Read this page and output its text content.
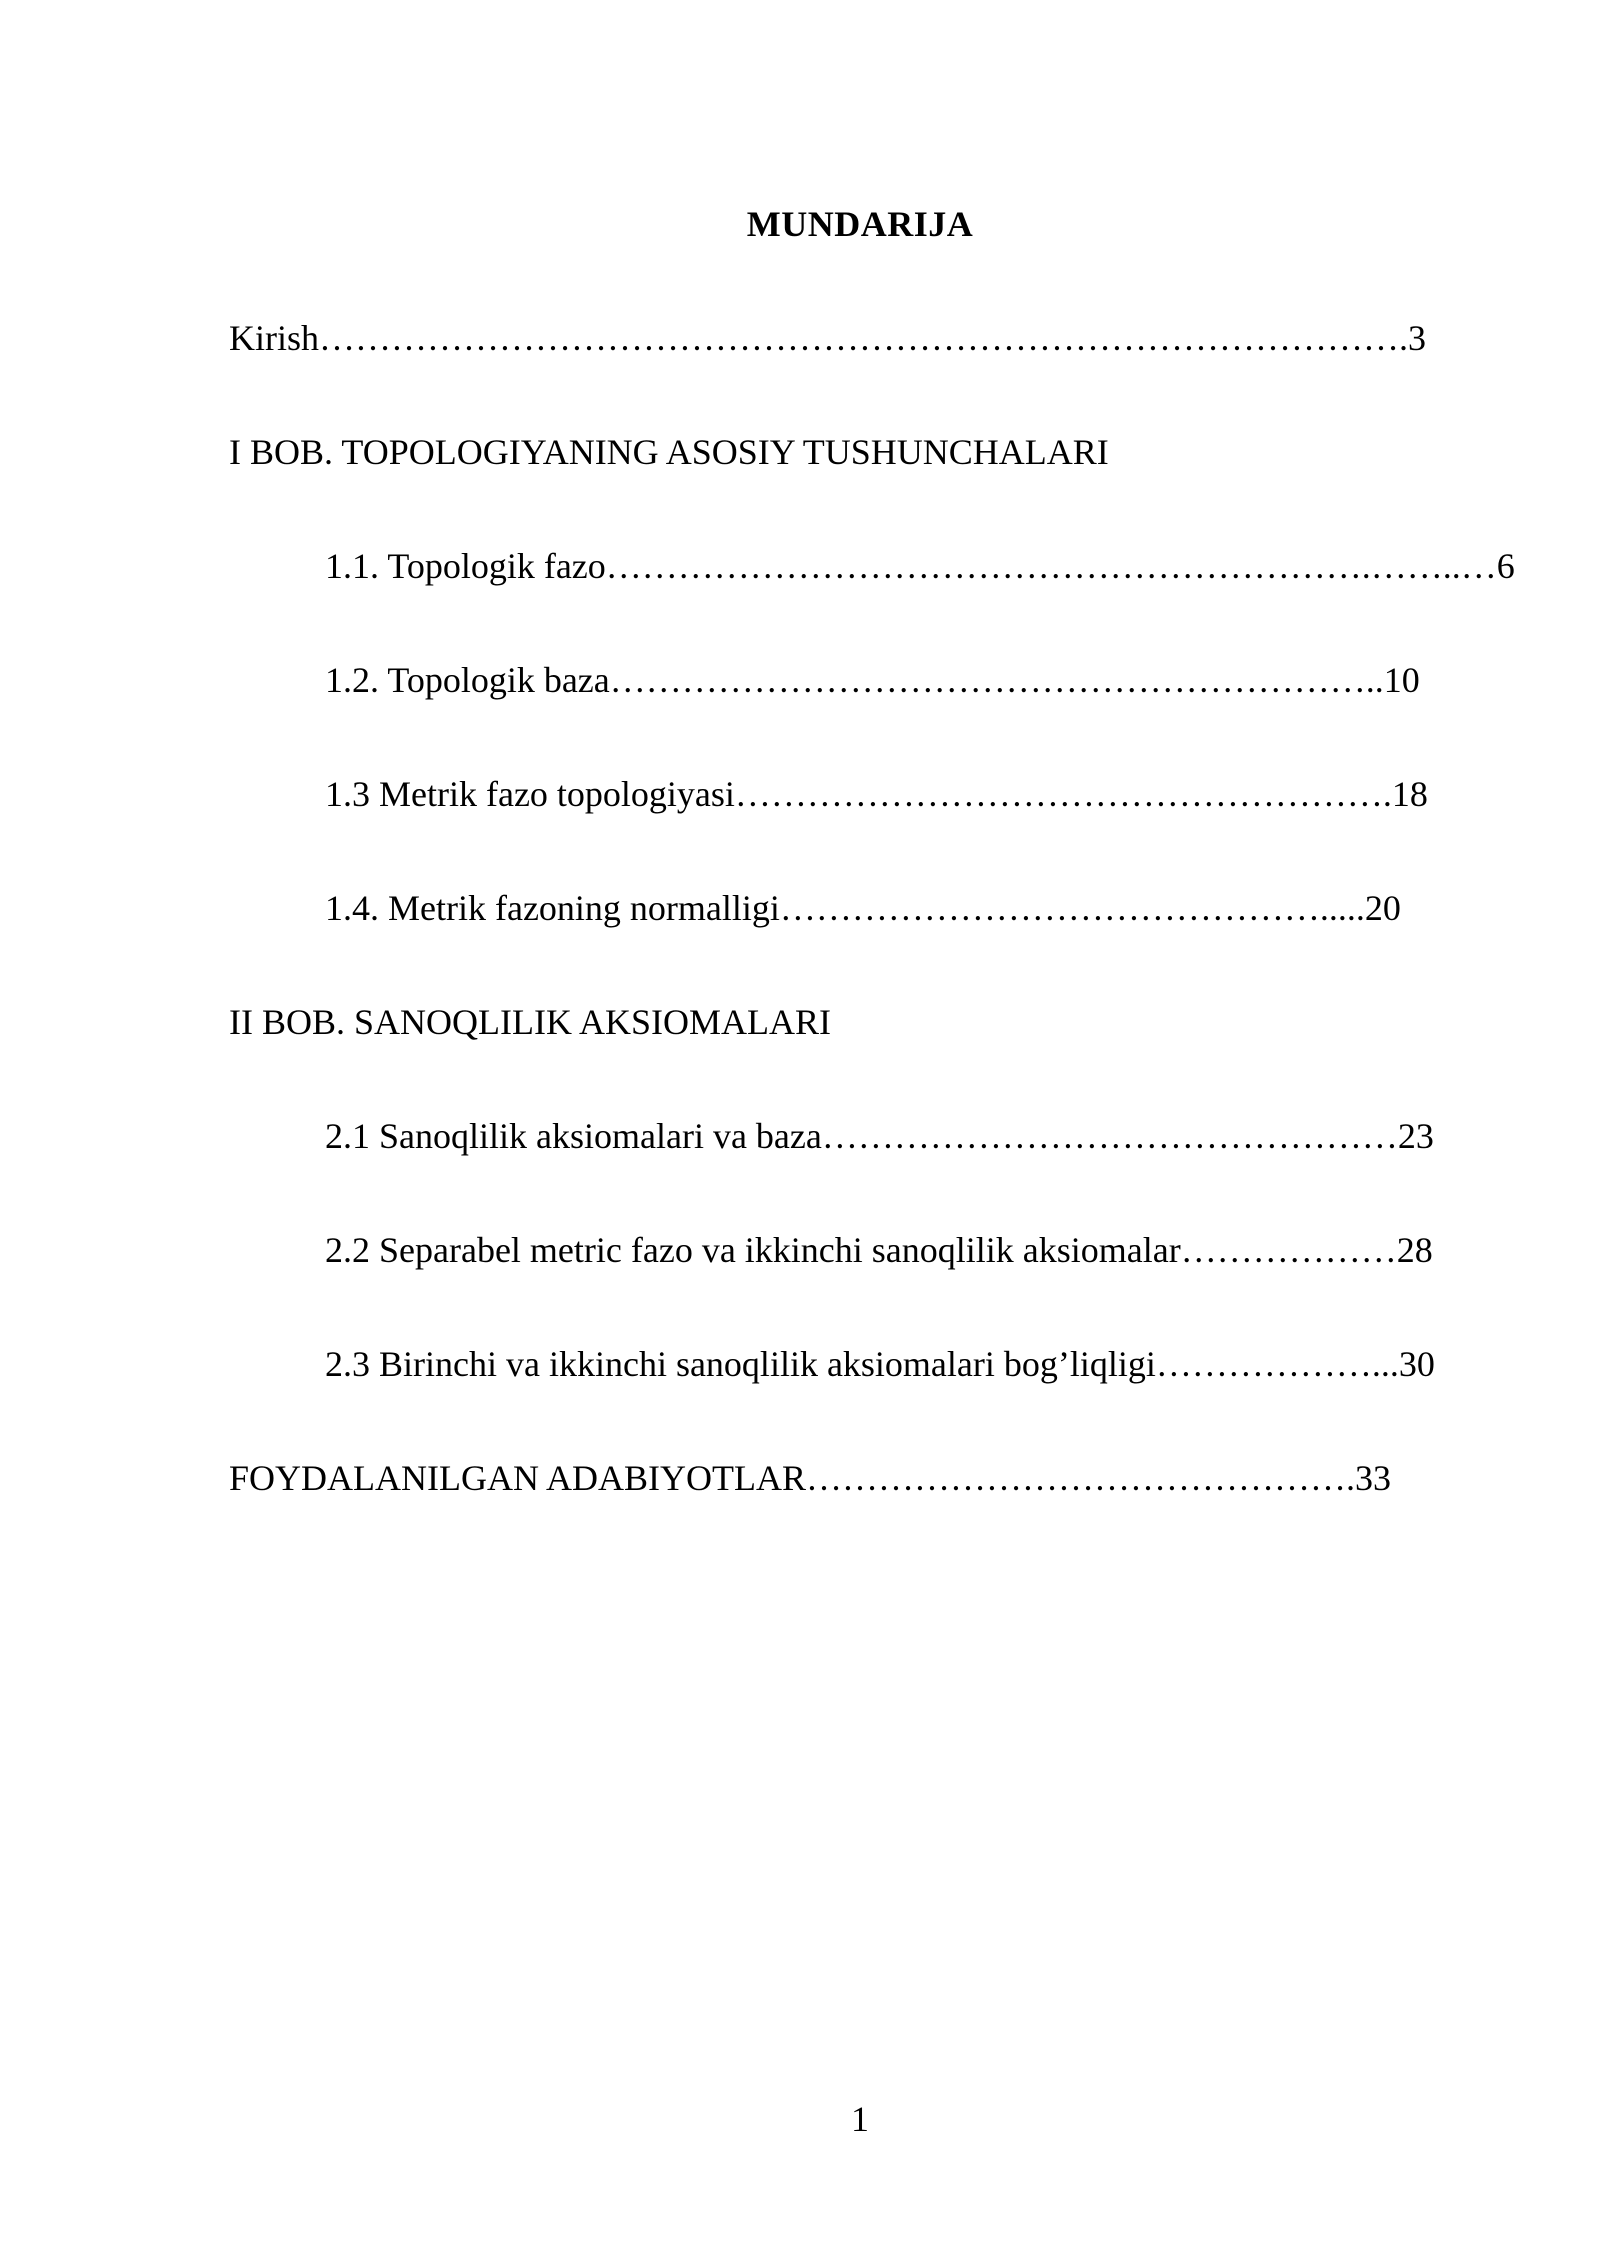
MUNDARIJA
Kirish……………………………………………………………………………….3
I BOB. TOPOLOGIYANING ASOSIY TUSHUNCHALARI
1.1. Topologik fazo……………………………………………………….……..…6
1.2. Topologik baza………………………………………………………..10
1.3 Metrik fazo topologiyasi……………………………………………….18
1.4. Metrik fazoning normalligi……………………………………….....20
II BOB. SANOQLILIK AKSIOMALARI
2.1 Sanoqlilik aksiomalari va baza…………………………………………23
2.2 Separabel metric fazo va ikkinchi sanoqlilik aksiomalar………………28
2.3 Birinchi va ikkinchi sanoqlilik aksiomalari bog’liqligi………………...30
FOYDALANILGAN ADABIYOTLAR……………………………………….33
1
